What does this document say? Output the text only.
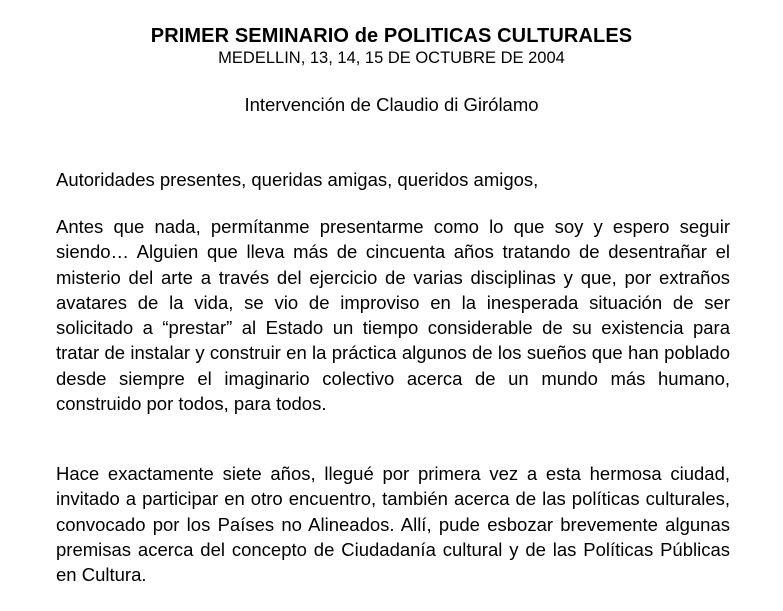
PRIMER SEMINARIO de POLITICAS CULTURALES
MEDELLIN, 13, 14, 15 DE OCTUBRE DE 2004
Intervención de Claudio di Girólamo

Autoridades presentes, queridas amigas, queridos amigos,

Antes que nada, permítanme presentarme como lo que soy y espero seguir siendo… Alguien que lleva más de cincuenta años tratando de desentrañar el misterio del arte a través del ejercicio de varias disciplinas y que, por extraños avatares de la vida, se vio de improviso en la inesperada situación de ser solicitado a “prestar” al Estado un tiempo considerable de su existencia para tratar de instalar y construir en la práctica algunos de los sueños que han poblado desde siempre el imaginario colectivo acerca de un mundo más humano, construido por todos, para todos.

Hace exactamente siete años, llegué por primera vez a esta hermosa ciudad, invitado a participar en otro encuentro, también acerca de las políticas culturales, convocado por los Países no Alineados. Allí, pude esbozar brevemente algunas premisas acerca del concepto de Ciudadanía cultural y de las Políticas Públicas en Cultura.
